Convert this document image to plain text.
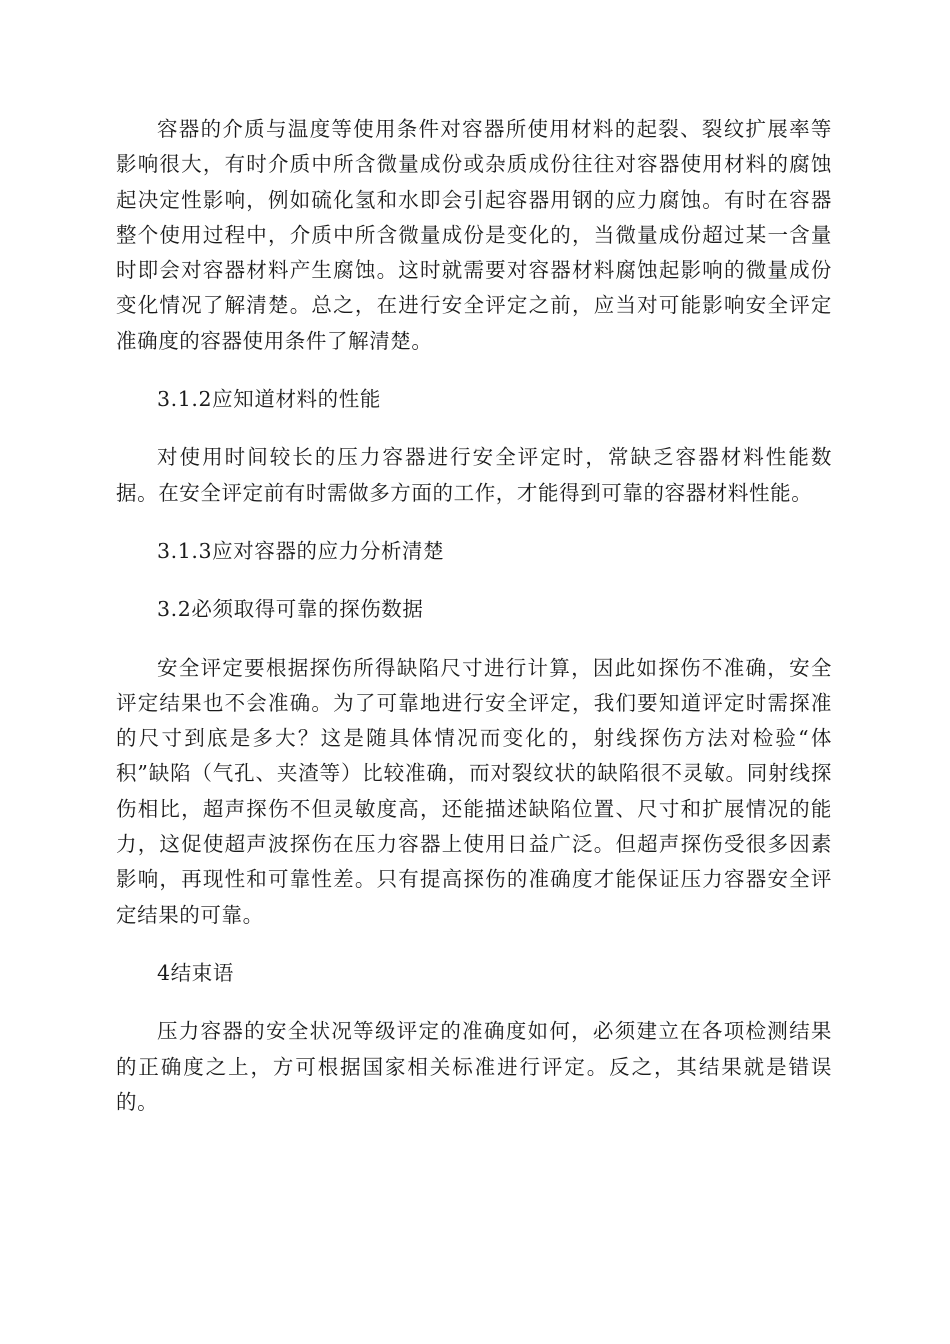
容器的介质与温度等使用条件对容器所使用材料的起裂、裂纹扩展率等影响很大，有时介质中所含微量成份或杂质成份往往对容器使用材料的腐蚀起决定性影响，例如硫化氢和水即会引起容器用钢的应力腐蚀。有时在容器整个使用过程中，介质中所含微量成份是变化的，当微量成份超过某一含量时即会对容器材料产生腐蚀。这时就需要对容器材料腐蚀起影响的微量成份变化情况了解清楚。总之，在进行安全评定之前，应当对可能影响安全评定准确度的容器使用条件了解清楚。

3.1.2应知道材料的性能

对使用时间较长的压力容器进行安全评定时，常缺乏容器材料性能数据。在安全评定前有时需做多方面的工作，才能得到可靠的容器材料性能。

3.1.3应对容器的应力分析清楚

3.2必须取得可靠的探伤数据

安全评定要根据探伤所得缺陷尺寸进行计算，因此如探伤不准确，安全评定结果也不会准确。为了可靠地进行安全评定，我们要知道评定时需探准的尺寸到底是多大？这是随具体情况而变化的，射线探伤方法对检验“体积”缺陷（气孔、夹渣等）比较准确，而对裂纹状的缺陷很不灵敏。同射线探伤相比，超声探伤不但灵敏度高，还能描述缺陷位置、尺寸和扩展情况的能力，这促使超声波探伤在压力容器上使用日益广泛。但超声探伤受很多因素影响，再现性和可靠性差。只有提高探伤的准确度才能保证压力容器安全评定结果的可靠。

4结束语

压力容器的安全状况等级评定的准确度如何，必须建立在各项检测结果的正确度之上，方可根据国家相关标准进行评定。反之，其结果就是错误的。
